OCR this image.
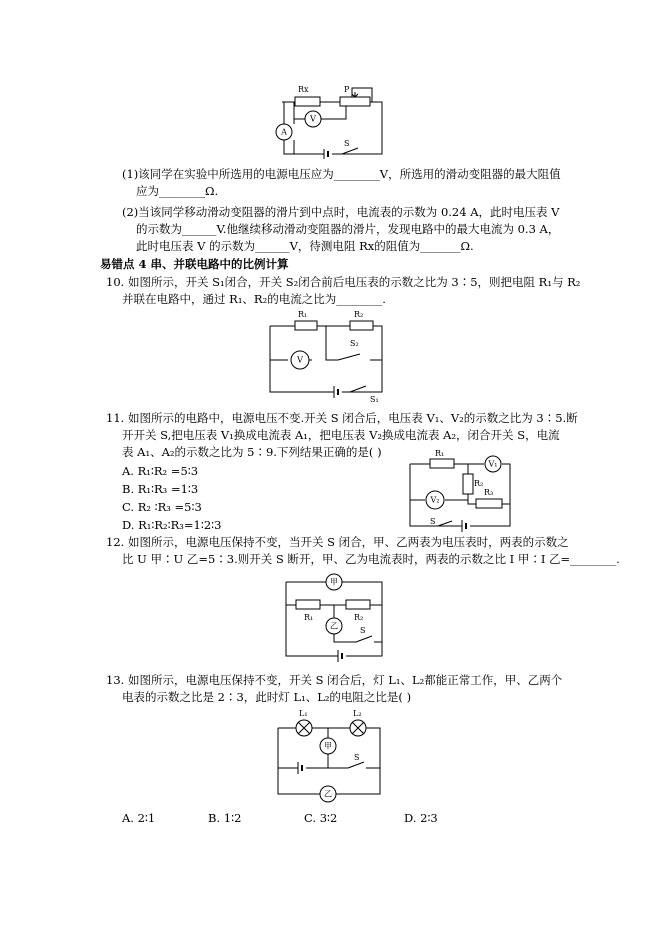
Rx	P
A
V
S
(1)该同学在实验中所选用的电源电压应为________V，所选用的滑动变阻器的最大阻值
应为________Ω.
(2)当该同学移动滑动变阻器的滑片到中点时，电流表的示数为 0.24 A，此时电压表 V
的示数为______V.他继续移动滑动变阻器的滑片，发现电路中的最大电流为 0.3 A，
此时电压表 V 的示数为______V，待测电阻 Rx的阻值为_______Ω.
易错点 4 串、并联电路中的比例计算
10. 如图所示，开关 S₁闭合，开关 S₂闭合前后电压表的示数之比为 3∶5，则把电阻 R₁与 R₂
并联在电路中，通过 R₁、R₂的电流之比为________.
R₁	R₂
V
S₂
S₁
11. 如图所示的电路中，电源电压不变.开关 S 闭合后，电压表 V₁、V₂的示数之比为 3∶5.断
开开关 S,把电压表 V₁换成电流表 A₁，把电压表 V₂换成电流表 A₂，闭合开关 S，电流
表 A₁、A₂的示数之比为 5∶9.下列结果正确的是( )
A. R₁∶R₂ =5∶3
B. R₁∶R₃ =1∶3
C. R₂ ∶R₃ =5∶3
D. R₁∶R₂∶R₃=1∶2∶3
R₁
R₂
R₃
V₁
V₂
S
12. 如图所示，电源电压保持不变，当开关 S 闭合，甲、乙两表为电压表时，两表的示数之
比 U 甲∶U 乙=5∶3.则开关 S 断开，甲、乙为电流表时，两表的示数之比 I 甲∶I 乙=________.
甲
乙
R₁	R₂
S
13. 如图所示，电源电压保持不变，开关 S 闭合后，灯 L₁、L₂都能正常工作，甲、乙两个
电表的示数之比是 2∶3，此时灯 L₁、L₂的电阻之比是( )
L₁	L₂
甲
乙
S
A. 2∶1	B. 1∶2	C. 3∶2	D. 2∶3
